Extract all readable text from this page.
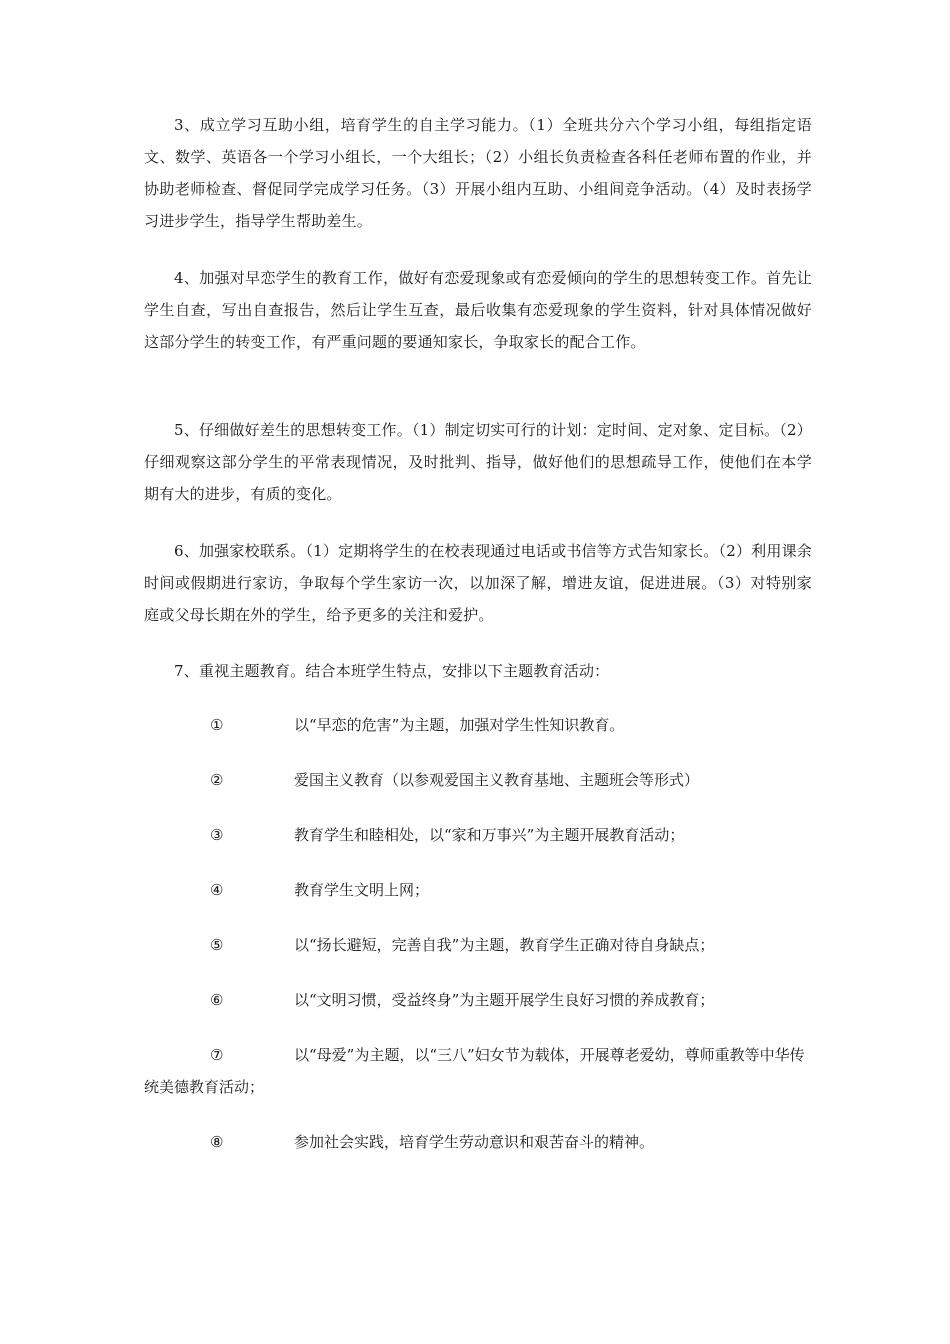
3、成立学习互助小组，培育学生的自主学习能力。（1）全班共分六个学习小组，每组指定语文、数学、英语各一个学习小组长，一个大组长；（2）小组长负责检查各科任老师布置的作业，并协助老师检查、督促同学完成学习任务。（3）开展小组内互助、小组间竞争活动。（4）及时表扬学习进步学生，指导学生帮助差生。

4、加强对早恋学生的教育工作，做好有恋爱现象或有恋爱倾向的学生的思想转变工作。首先让学生自查，写出自查报告，然后让学生互查，最后收集有恋爱现象的学生资料，针对具体情况做好这部分学生的转变工作，有严重问题的要通知家长，争取家长的配合工作。

5、仔细做好差生的思想转变工作。（1）制定切实可行的计划：定时间、定对象、定目标。（2）仔细观察这部分学生的平常表现情况，及时批判、指导，做好他们的思想疏导工作，使他们在本学期有大的进步，有质的变化。

6、加强家校联系。（1）定期将学生的在校表现通过电话或书信等方式告知家长。（2）利用课余时间或假期进行家访，争取每个学生家访一次，以加深了解，增进友谊，促进进展。（3）对特别家庭或父母长期在外的学生，给予更多的关注和爱护。

7、重视主题教育。结合本班学生特点，安排以下主题教育活动：

①	以“早恋的危害”为主题，加强对学生性知识教育。
②	爱国主义教育（以参观爱国主义教育基地、主题班会等形式）
③	教育学生和睦相处，以“家和万事兴”为主题开展教育活动；
④	教育学生文明上网；
⑤	以“扬长避短，完善自我”为主题，教育学生正确对待自身缺点；
⑥	以“文明习惯，受益终身”为主题开展学生良好习惯的养成教育；
⑦	以“母爱”为主题，以“三八”妇女节为载体，开展尊老爱幼，尊师重教等中华传统美德教育活动；
⑧	参加社会实践，培育学生劳动意识和艰苦奋斗的精神。
